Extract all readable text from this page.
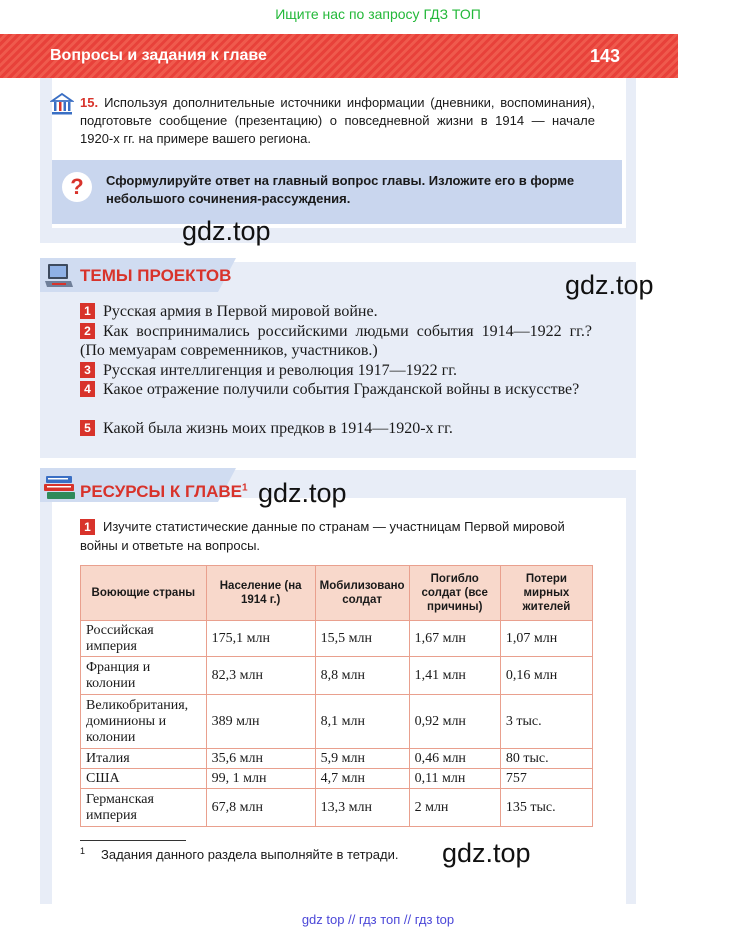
Ищите нас по запросу ГДЗ ТОП
Вопросы и задания к главе	143
15. Используя дополнительные источники информации (дневники, воспоминания), подготовьте сообщение (презентацию) о повседневной жизни в 1914 — начале 1920-х гг. на примере вашего региона.
?	Сформулируйте ответ на главный вопрос главы. Изложите его в форме небольшого сочинения-рассуждения.
ТЕМЫ ПРОЕКТОВ
1 Русская армия в Первой мировой войне.
2 Как воспринимались российскими людьми события 1914—1922 гг.? (По мемуарам современников, участников.)
3 Русская интеллигенция и революция 1917—1922 гг.
4 Какое отражение получили события Гражданской войны в искусстве?
5 Какой была жизнь моих предков в 1914—1920-х гг.
РЕСУРСЫ К ГЛАВЕ$^1$
1 Изучите статистические данные по странам — участницам Первой мировой войны и ответьте на вопросы.
Воюющие страны	Население (на 1914 г.)	Мобилизовано солдат	Погибло солдат (все причины)	Потери мирных жителей
Российская империя	175,1 млн	15,5 млн	1,67 млн	1,07 млн
Франция и колонии	82,3 млн	8,8 млн	1,41 млн	0,16 млн
Великобритания, доминионы и колонии	389 млн	8,1 млн	0,92 млн	3 тыс.
Италия	35,6 млн	5,9 млн	0,46 млн	80 тыс.
США	99, 1 млн	4,7 млн	0,11 млн	757
Германская империя	67,8 млн	13,3 млн	2 млн	135 тыс.
$^1$ Задания данного раздела выполняйте в тетради.
gdz.top
gdz.top
gdz.top
gdz.top
gdz top // гдз топ // гдз top
